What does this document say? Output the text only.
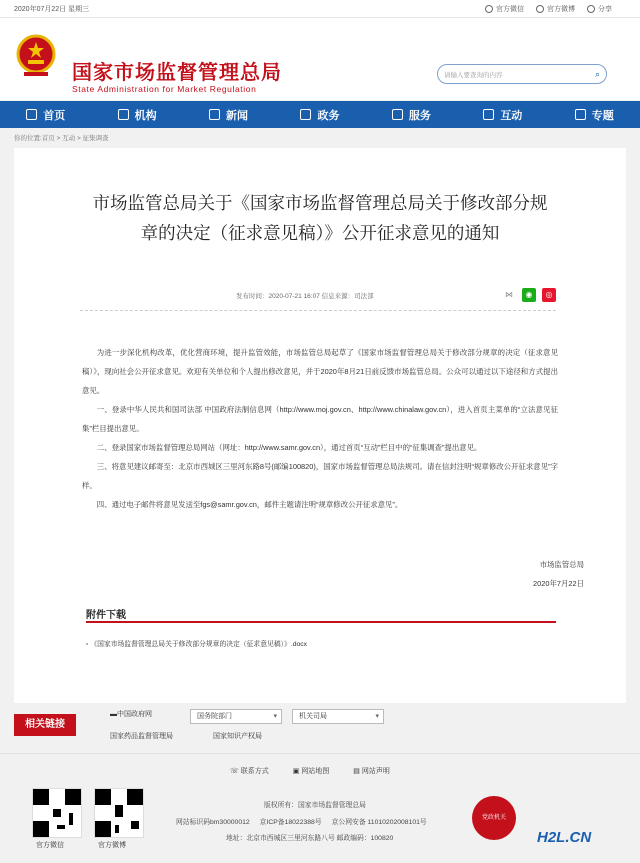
2020年07月22日 星期三	官方微信	官方微博	分享
国家市场监督管理总局
State Administration for Market Regulation
请输入要查询的内容	⌕
首页	机构	新闻	政务	服务	互动	专题
你的位置:首页 > 互动 > 征集调查
市场监管总局关于《国家市场监督管理总局关于修改部分规章的决定（征求意见稿）》公开征求意见的通知
发布时间：2020-07-21 16:07 信息来源：司法部	⋈	◉	◎

为进一步深化机构改革，优化营商环境，提升监管效能，市场监管总局起草了《国家市场监督管理总局关于修改部分规章的决定（征求意见稿）》，现向社会公开征求意见。欢迎有关单位和个人提出修改意见，并于2020年8月21日前反馈市场监管总局。公众可以通过以下途径和方式提出意见。

一、登录中华人民共和国司法部 中国政府法制信息网（http://www.moj.gov.cn、http://www.chinalaw.gov.cn），进入首页主菜单的“立法意见征集”栏目提出意见。

二、登录国家市场监督管理总局网站（网址：http://www.samr.gov.cn），通过首页“互动”栏目中的“征集调查”提出意见。

三、将意见建议邮寄至：北京市西城区三里河东路8号(邮编100820)，国家市场监督管理总局法规司。请在信封注明“规章修改公开征求意见”字样。

四、通过电子邮件将意见发送至fgs@samr.gov.cn，邮件主题请注明“规章修改公开征求意见”。

市场监管总局
2020年7月22日
附件下载
▫ 《国家市场监督管理总局关于修改部分规章的决定（征求意见稿）》.docx
相关链接
▬中国政府网	国务院部门 ▾	机关司局 ▾
国家药品监督管理局	国家知识产权局
☏ 联系方式	▣ 网站地图	▤ 网站声明
官方微信	官方微博
版权所有：国家市场监督管理总局
网站标识码bm30000012 京ICP备18022388号 京公网安备 11010202008101号
地址：北京市西城区三里河东路八号 邮政编码：100820
党政机关
H2L.CN
